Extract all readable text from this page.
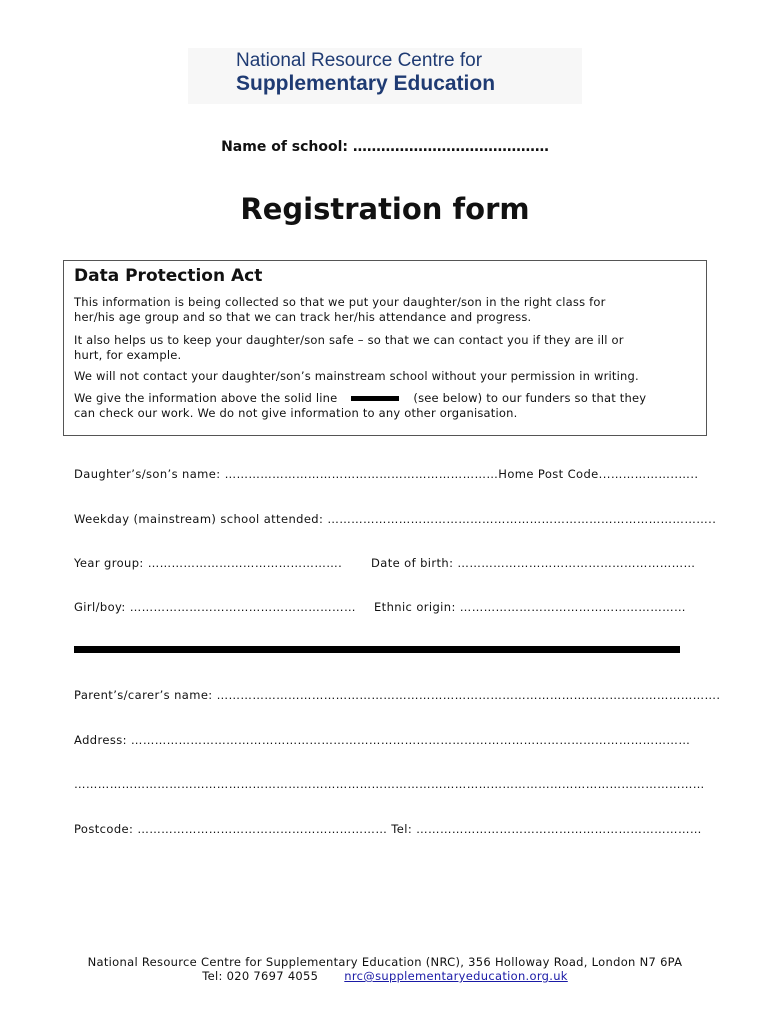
National Resource Centre for
Supplementary Education
Name of school: ……………………………………
Registration form
Data Protection Act
This information is being collected so that we put your daughter/son in the right class for
her/his age group and so that we can track her/his attendance and progress.
It also helps us to keep your daughter/son safe – so that we can contact you if they are ill or
hurt, for example.
We will not contact your daughter/son’s mainstream school without your permission in writing.
We give the information above the solid line	(see below) to our funders so that they
can check our work. We do not give information to any other organisation.
Daughter’s/son’s name: ……………………………………………………………Home Post Code...……………..…..
Weekday (mainstream) school attended: ……………………………………………………………………………………..
Year group: ………………………………………….	Date of birth: ……………………………………………………
Girl/boy: ………………………………………………… Ethnic origin: …………………………………………………
Parent’s/carer’s name: ……………………………………………………………………………………………………………….
Address: ……………………………………………………………………………………………………………………………
……………………………………………………………………………………………………………………………………………
Postcode: ……………………………………………………… Tel: ………………………………………………………………
National Resource Centre for Supplementary Education (NRC), 356 Holloway Road, London N7 6PA
Tel: 020 7697 4055 nrc@supplementaryeducation.org.uk
